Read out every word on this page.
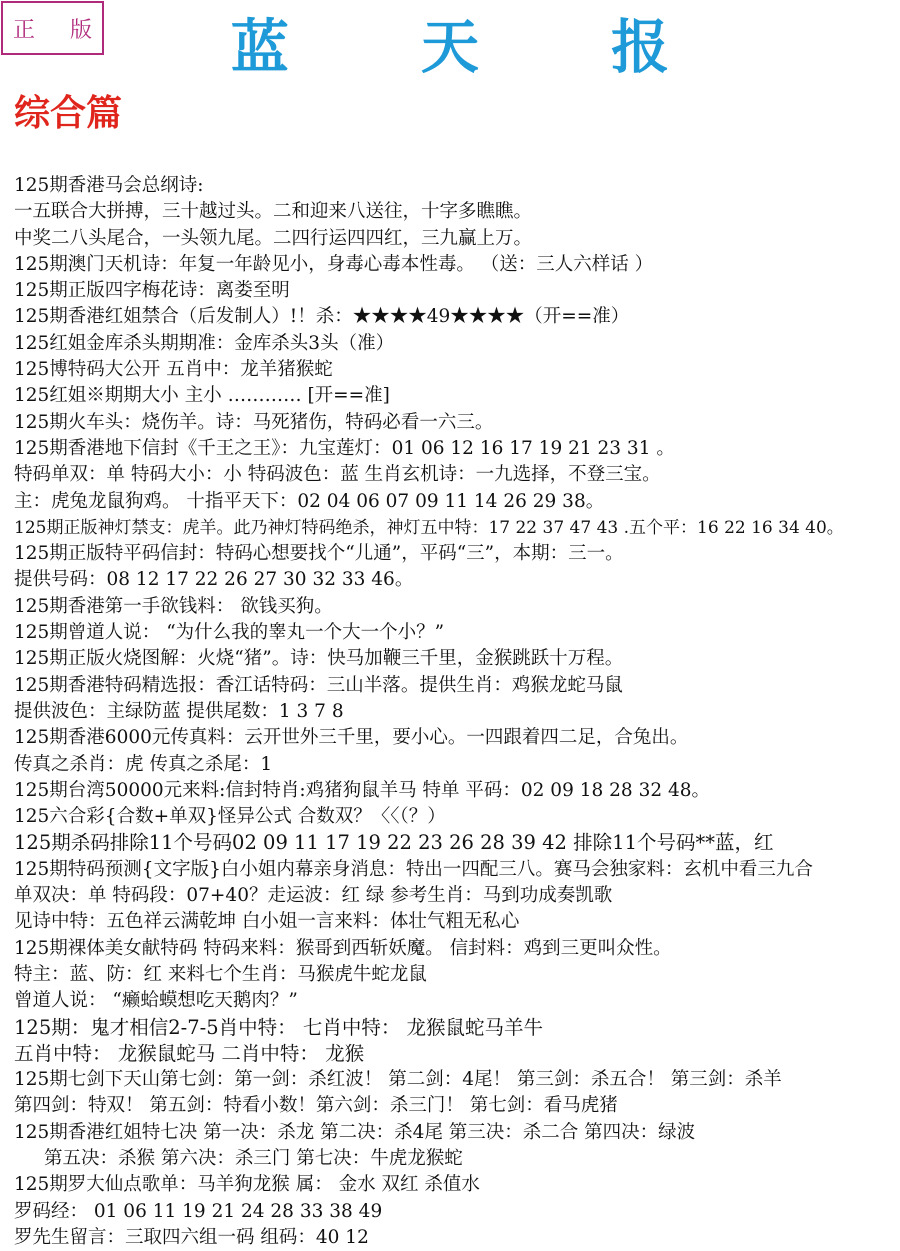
正 版	蓝 天 报
综合篇
125期香港马会总纲诗:
一五联合大拼搏，三十越过头。二和迎来八送往，十字多瞧瞧。
中奖二八头尾合，一头领九尾。二四行运四四红，三九赢上万。
125期澳门天机诗：年复一年龄见小，身毒心毒本性毒。 （送：三人六样话 ）
125期正版四字梅花诗：离娄至明
125期香港红姐禁合（后发制人）!！杀：★★★★49★★★★（开==准）
125红姐金库杀头期期准：金库杀头3头（准）
125博特码大公开 五肖中：龙羊猪猴蛇
125红姐※期期大小 主小 ………… [开==准]
125期火车头：烧伤羊。诗：马死猪伤，特码必看一六三。
125期香港地下信封《千王之王》：九宝莲灯：01 06 12 16 17 19 21 23 31 。
特码单双：单 特码大小：小 特码波色：蓝 生肖玄机诗：一九选择，不登三宝。
主：虎兔龙鼠狗鸡。 十指平天下：02 04 06 07 09 11 14 26 29 38。
125期正版神灯禁支：虎羊。此乃神灯特码绝杀，神灯五中特：17 22 37 47 43 .五个平：16 22 16 34 40。
125期正版特平码信封：特码心想要找个“儿通”，平码“三”，本期：三一。
提供号码：08 12 17 22 26 27 30 32 33 46。
125期香港第一手欲钱料： 欲钱买狗。
125期曾道人说： “为什么我的睾丸一个大一个小？”
125期正版火烧图解：火烧“猪”。诗：快马加鞭三千里，金猴跳跃十万程。
125期香港特码精选报：香江话特码：三山半落。提供生肖：鸡猴龙蛇马鼠
提供波色：主绿防蓝 提供尾数：1 3 7 8
125期香港6000元传真料：云开世外三千里，要小心。一四跟着四二足，合兔出。
传真之杀肖：虎 传真之杀尾：1
125期台湾50000元来料:信封特肖:鸡猪狗鼠羊马 特单 平码：02 09 18 28 32 48。
125六合彩{合数+单双}怪异公式 合数双？〈〈（？）
125期杀码排除11个号码02 09 11 17 19 22 23 26 28 39 42 排除11个号码**蓝，红
125期特码预测{文字版}白小姐内幕亲身消息：特出一四配三八。赛马会独家料：玄机中看三九合
单双决：单 特码段：07+40？走运波：红 绿 参考生肖：马到功成奏凯歌
见诗中特：五色祥云满乾坤 白小姐一言来料：体壮气粗无私心
125期裸体美女献特码 特码来料：猴哥到西斩妖魔。 信封料：鸡到三更叫众性。
特主：蓝、防：红 来料七个生肖：马猴虎牛蛇龙鼠
曾道人说： “癞蛤蟆想吃天鹅肉？”
125期：鬼才相信2-7-5肖中特： 七肖中特： 龙猴鼠蛇马羊牛
五肖中特： 龙猴鼠蛇马 二肖中特： 龙猴
125期七剑下天山第七剑：第一剑：杀红波！ 第二剑：4尾！ 第三剑：杀五合！ 第三剑：杀羊
第四剑：特双！ 第五剑：特看小数！第六剑：杀三门！ 第七剑：看马虎猪
125期香港红姐特七决 第一决：杀龙 第二决：杀4尾 第三决：杀二合 第四决：绿波
第五决：杀猴 第六决：杀三门 第七决：牛虎龙猴蛇
125期罗大仙点歌单：马羊狗龙猴 属： 金水 双红 杀值水
罗码经： 01 06 11 19 21 24 28 33 38 49
罗先生留言：三取四六组一码 组码：40 12
